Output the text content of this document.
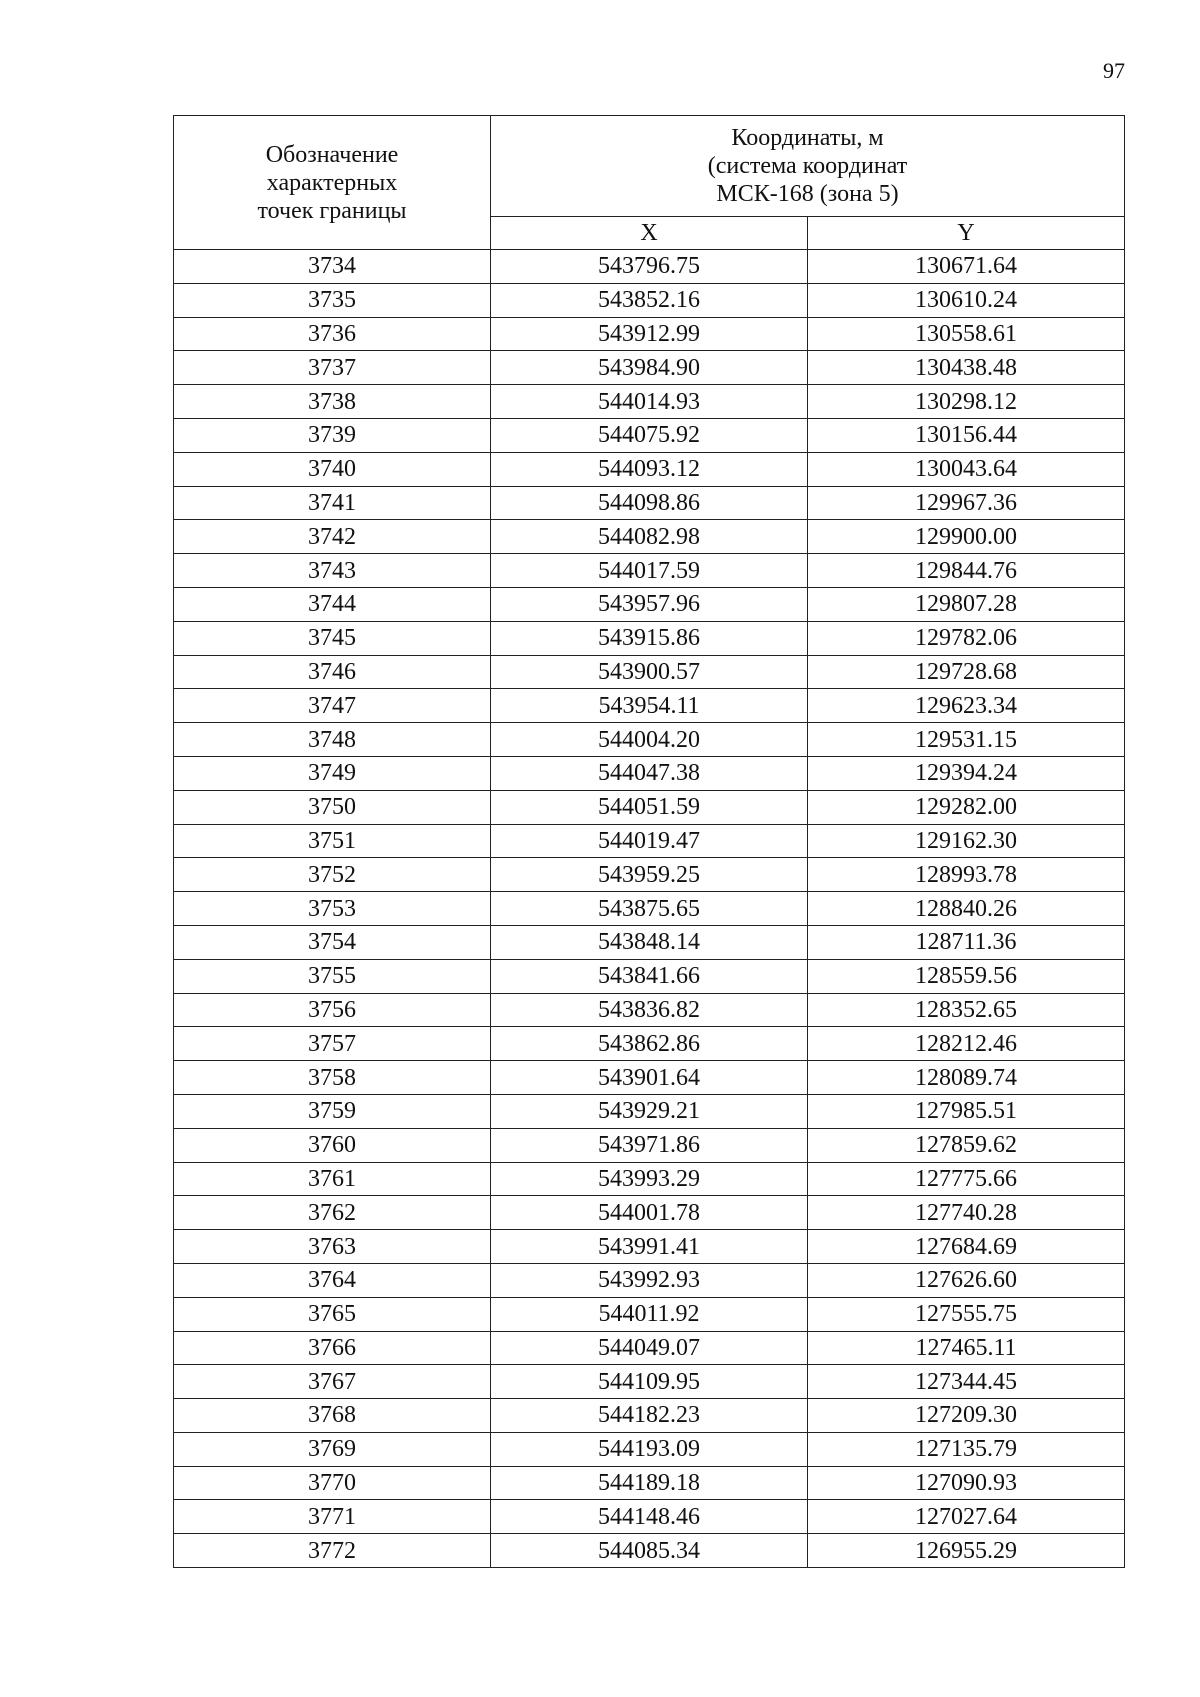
97
Обозначение
характерных
точек границы	Координаты, м
(система координат
МСК-168 (зона 5)	

	X	Y
3734	543796.75	130671.64
3735	543852.16	130610.24
3736	543912.99	130558.61
3737	543984.90	130438.48
3738	544014.93	130298.12
3739	544075.92	130156.44
3740	544093.12	130043.64
3741	544098.86	129967.36
3742	544082.98	129900.00
3743	544017.59	129844.76
3744	543957.96	129807.28
3745	543915.86	129782.06
3746	543900.57	129728.68
3747	543954.11	129623.34
3748	544004.20	129531.15
3749	544047.38	129394.24
3750	544051.59	129282.00
3751	544019.47	129162.30
3752	543959.25	128993.78
3753	543875.65	128840.26
3754	543848.14	128711.36
3755	543841.66	128559.56
3756	543836.82	128352.65
3757	543862.86	128212.46
3758	543901.64	128089.74
3759	543929.21	127985.51
3760	543971.86	127859.62
3761	543993.29	127775.66
3762	544001.78	127740.28
3763	543991.41	127684.69
3764	543992.93	127626.60
3765	544011.92	127555.75
3766	544049.07	127465.11
3767	544109.95	127344.45
3768	544182.23	127209.30
3769	544193.09	127135.79
3770	544189.18	127090.93
3771	544148.46	127027.64
3772	544085.34	126955.29
